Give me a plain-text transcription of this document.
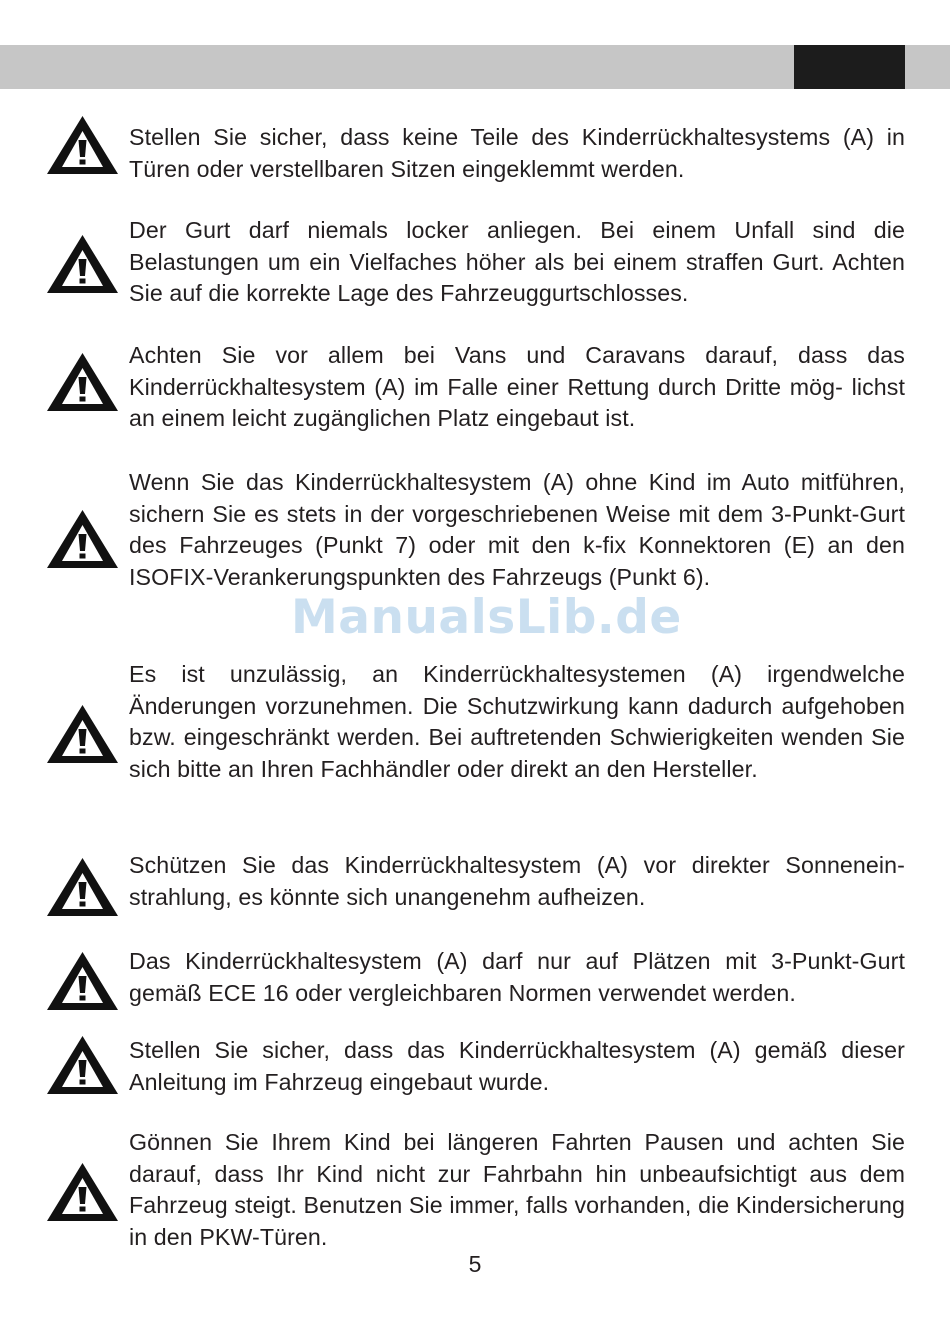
Stellen Sie sicher, dass keine Teile des Kinderrückhaltesystems (A) in Türen oder verstellbaren Sitzen eingeklemmt werden.

Der Gurt darf niemals locker anliegen. Bei einem Unfall sind die Belastungen um ein Vielfaches höher als bei einem straffen Gurt. Achten Sie auf die korrekte Lage des Fahrzeuggurtschlosses.

Achten Sie vor allem bei Vans und Caravans darauf, dass das Kinderrückhaltesystem (A) im Falle einer Rettung durch Dritte mög- lichst an einem leicht zugänglichen Platz eingebaut ist.

Wenn Sie das Kinderrückhaltesystem (A) ohne Kind im Auto mitführen, sichern Sie es stets in der vorgeschriebenen Weise mit dem 3-Punkt-Gurt des Fahrzeuges (Punkt 7) oder mit den k-fix Konnektoren (E) an den ISOFIX-Verankerungspunkten des Fahrzeugs (Punkt 6).

Es ist unzulässig, an Kinderrückhaltesystemen (A) irgendwelche Änderungen vorzunehmen. Die Schutzwirkung kann dadurch aufgehoben bzw. eingeschränkt werden. Bei auftretenden Schwierigkeiten wenden Sie sich bitte an Ihren Fachhändler oder direkt an den Hersteller.

Schützen Sie das Kinderrückhaltesystem (A) vor direkter Sonnenein- strahlung, es könnte sich unangenehm aufheizen.

Das Kinderrückhaltesystem (A) darf nur auf Plätzen mit 3-Punkt-Gurt gemäß ECE 16 oder vergleichbaren Normen verwendet werden.

Stellen Sie sicher, dass das Kinderrückhaltesystem (A) gemäß dieser Anleitung im Fahrzeug eingebaut wurde.

Gönnen Sie Ihrem Kind bei längeren Fahrten Pausen und achten Sie darauf, dass Ihr Kind nicht zur Fahrbahn hin unbeaufsichtigt aus dem Fahrzeug steigt. Benutzen Sie immer, falls vorhanden, die Kindersicherung in den PKW-Türen.

ManualsLib.de
5
